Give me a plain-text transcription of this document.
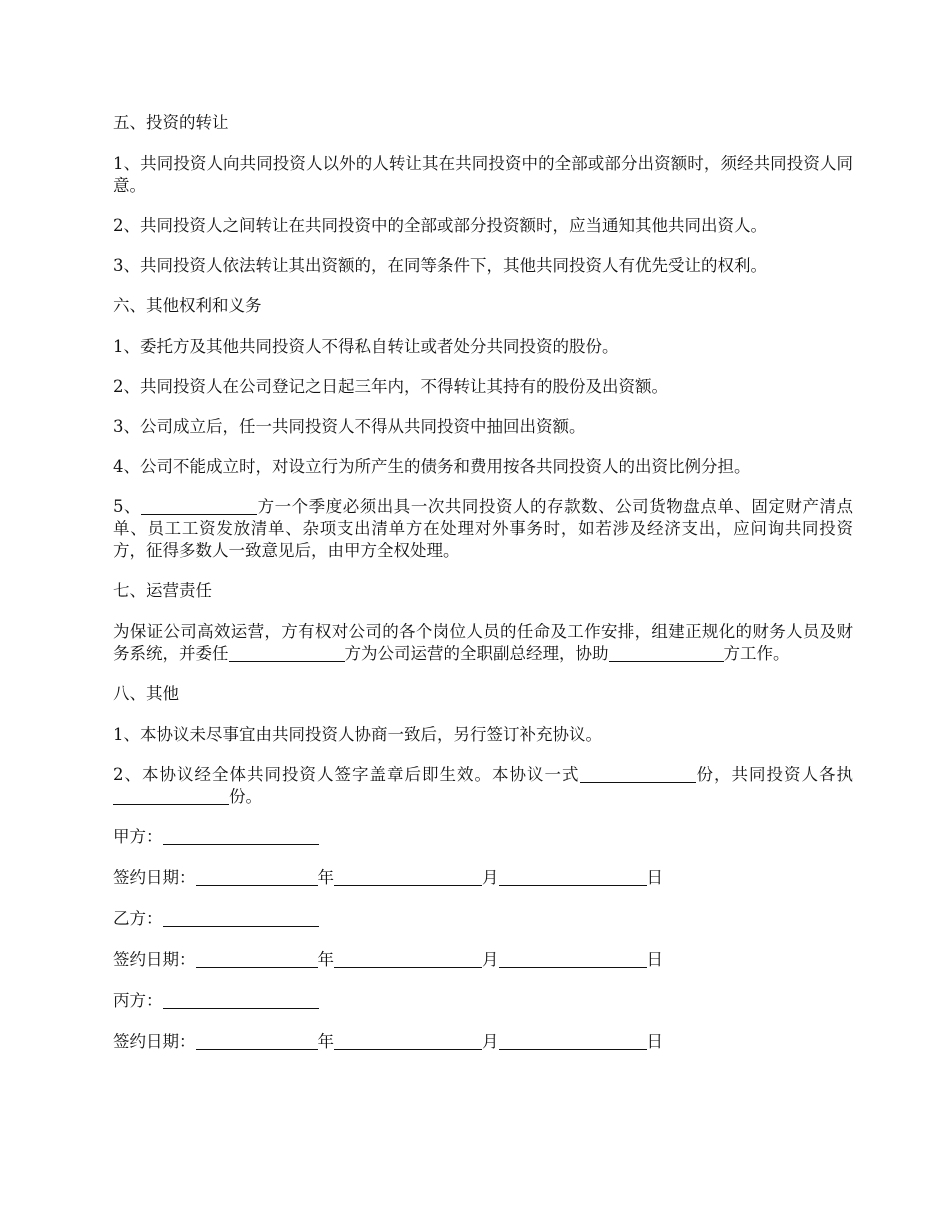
五、投资的转让

1、共同投资人向共同投资人以外的人转让其在共同投资中的全部或部分出资额时，须经共同投资人同意。

2、共同投资人之间转让在共同投资中的全部或部分投资额时，应当通知其他共同出资人。

3、共同投资人依法转让其出资额的，在同等条件下，其他共同投资人有优先受让的权利。

六、其他权利和义务

1、委托方及其他共同投资人不得私自转让或者处分共同投资的股份。

2、共同投资人在公司登记之日起三年内，不得转让其持有的股份及出资额。

3、公司成立后，任一共同投资人不得从共同投资中抽回出资额。

4、公司不能成立时，对设立行为所产生的债务和费用按各共同投资人的出资比例分担。

5、	方一个季度必须出具一次共同投资人的存款数、公司货物盘点单、固定财产清点单、员工工资发放清单、杂项支出清单方在处理对外事务时，如若涉及经济支出，应问询共同投资方，征得多数人一致意见后，由甲方全权处理。

七、运营责任

为保证公司高效运营，方有权对公司的各个岗位人员的任命及工作安排，组建正规化的财务人员及财务系统，并委任	方为公司运营的全职副总经理，协助	方工作。

八、其他

1、本协议未尽事宜由共同投资人协商一致后，另行签订补充协议。

2、本协议经全体共同投资人签字盖章后即生效。本协议一式	份，共同投资人各执份。

甲方：
签约日期：	年	月	日
乙方：
签约日期：	年	月	日
丙方：
签约日期：	年	月	日
